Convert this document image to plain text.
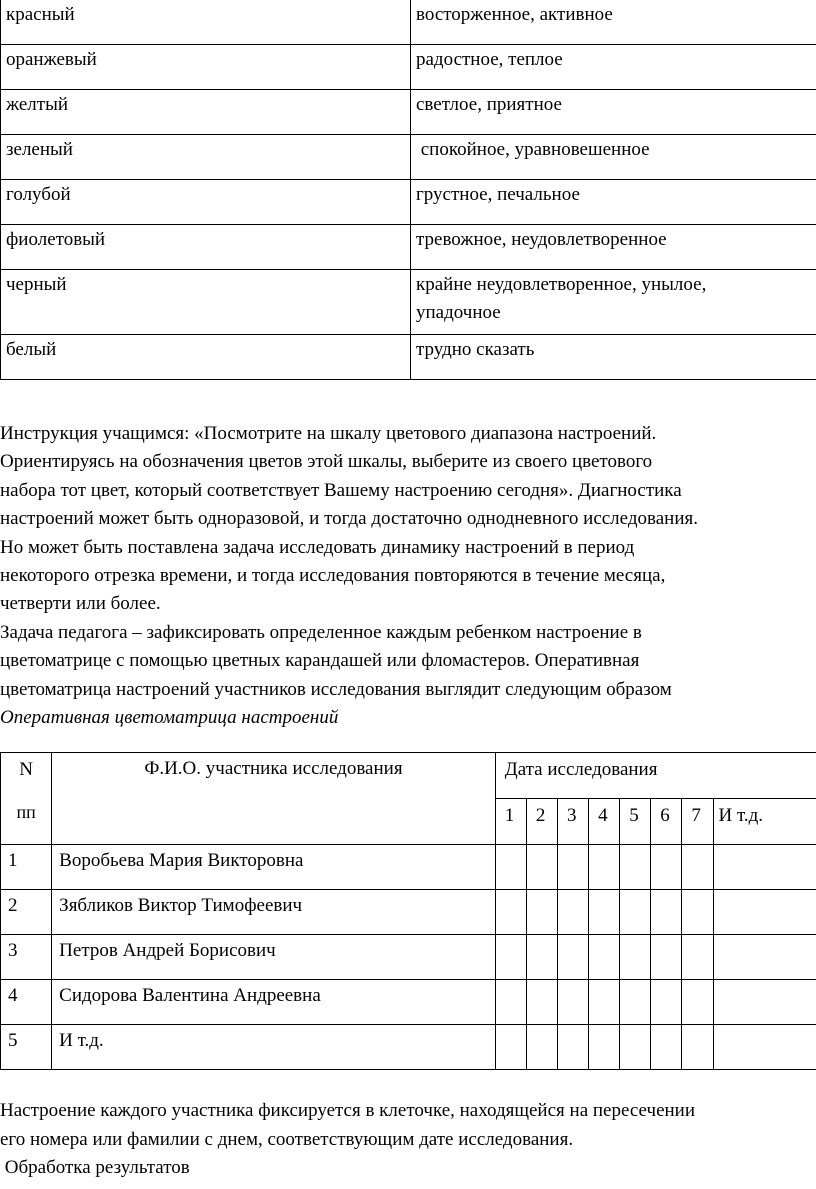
красный	восторженное, активное
оранжевый	радостное, теплое
желтый	светлое, приятное
зеленый	спокойное, уравновешенное
голубой	грустное, печальное
фиолетовый	тревожное, неудовлетворенное
черный	крайне неудовлетворенное, унылое,
упадочное

белый	трудно сказать
Инструкция учащимся: «Посмотрите на шкалу цветового диапазона настроений.
Ориентируясь на обозначения цветов этой шкалы, выберите из своего цветового
набора тот цвет, который соответствует Вашему настроению сегодня». Диагностика
настроений может быть одноразовой, и тогда достаточно однодневного исследования.
Но может быть поставлена задача исследовать динамику настроений в период
некоторого отрезка времени, и тогда исследования повторяются в течение месяца,
четверти или более.
Задача педагога – зафиксировать определенное каждым ребенком настроение в
цветоматрице с помощью цветных карандашей или фломастеров. Оперативная
цветоматрица настроений участников исследования выглядит следующим образом
Оперативная цветоматрица настроений
N
пп	Ф.И.О. участника исследования	Дата исследования							
		1	2	3	4	5	6	7	И т.д.
1	Воробьева Мария Викторовна								
2	Зябликов Виктор Тимофеевич								
3	Петров Андрей Борисович								
4	Сидорова Валентина Андреевна								
5	И т.д.								
Настроение каждого участника фиксируется в клеточке, находящейся на пересечении
его номера или фамилии с днем, соответствующим дате исследования.
Обработка результатов
